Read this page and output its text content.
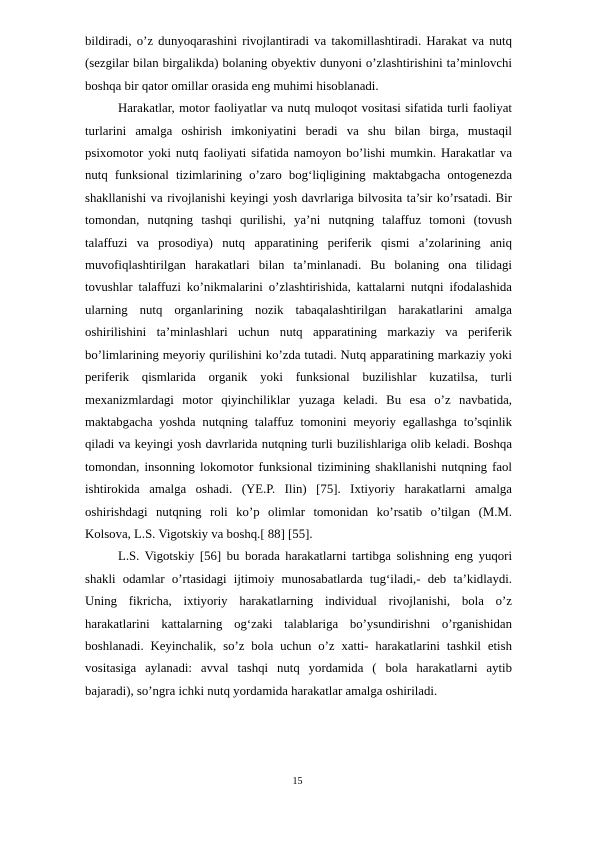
bildiradi, o’z dunyoqarashini rivojlantiradi va takomillashtiradi. Harakat va nutq (sezgilar bilan birgalikda) bolaning obyektiv dunyoni o’zlashtirishini ta’minlovchi boshqa bir qator omillar orasida eng muhimi hisoblanadi.

Harakatlar, motor faoliyatlar va nutq muloqot vositasi sifatida turli faoliyat turlarini amalga oshirish imkoniyatini beradi va shu bilan birga, mustaqil psixomotor yoki nutq faoliyati sifatida namoyon bo’lishi mumkin. Harakatlar va nutq funksional tizimlarining o’zaro bog‘liqligining maktabgacha ontogenezda shakllanishi va rivojlanishi keyingi yosh davrlariga bilvosita ta’sir ko’rsatadi. Bir tomondan, nutqning tashqi qurilishi, ya’ni nutqning talaffuz tomoni (tovush talaffuzi va prosodiya) nutq apparatining periferik qismi a’zolarining aniq muvofiqlashtirilgan harakatlari bilan ta’minlanadi. Bu bolaning ona tilidagi tovushlar talaffuzi ko’nikmalarini o’zlashtirishida, kattalarni nutqni ifodalashida ularning nutq organlarining nozik tabaqalashtirilgan harakatlarini amalga oshirilishini ta’minlashlari uchun nutq apparatining markaziy va periferik bo’limlarining meyoriy qurilishini ko’zda tutadi. Nutq apparatining markaziy yoki periferik qismlarida organik yoki funksional buzilishlar kuzatilsa, turli mexanizmlardagi motor qiyinchiliklar yuzaga keladi. Bu esa o’z navbatida, maktabgacha yoshda nutqning talaffuz tomonini meyoriy egallashga to’sqinlik qiladi va keyingi yosh davrlarida nutqning turli buzilishlariga olib keladi. Boshqa tomondan, insonning lokomotor funksional tizimining shakllanishi nutqning faol ishtirokida amalga oshadi. (YE.P. Ilin) [75]. Ixtiyoriy harakatlarni amalga oshirishdagi nutqning roli ko’p olimlar tomonidan ko’rsatib o’tilgan (M.M. Kolsova, L.S. Vigotskiy va boshq.[ 88] [55].

L.S. Vigotskiy [56] bu borada harakatlarni tartibga solishning eng yuqori shakli odamlar o’rtasidagi ijtimoiy munosabatlarda tug‘iladi,- deb ta’kidlaydi. Uning fikricha, ixtiyoriy harakatlarning individual rivojlanishi, bola o’z harakatlarini kattalarning og‘zaki talablariga bo’ysundirishni o’rganishidan boshlanadi. Keyinchalik, so’z bola uchun o’z xatti- harakatlarini tashkil etish vositasiga aylanadi: avval tashqi nutq yordamida ( bola harakatlarni aytib bajaradi), so’ngra ichki nutq yordamida harakatlar amalga oshiriladi.

15
